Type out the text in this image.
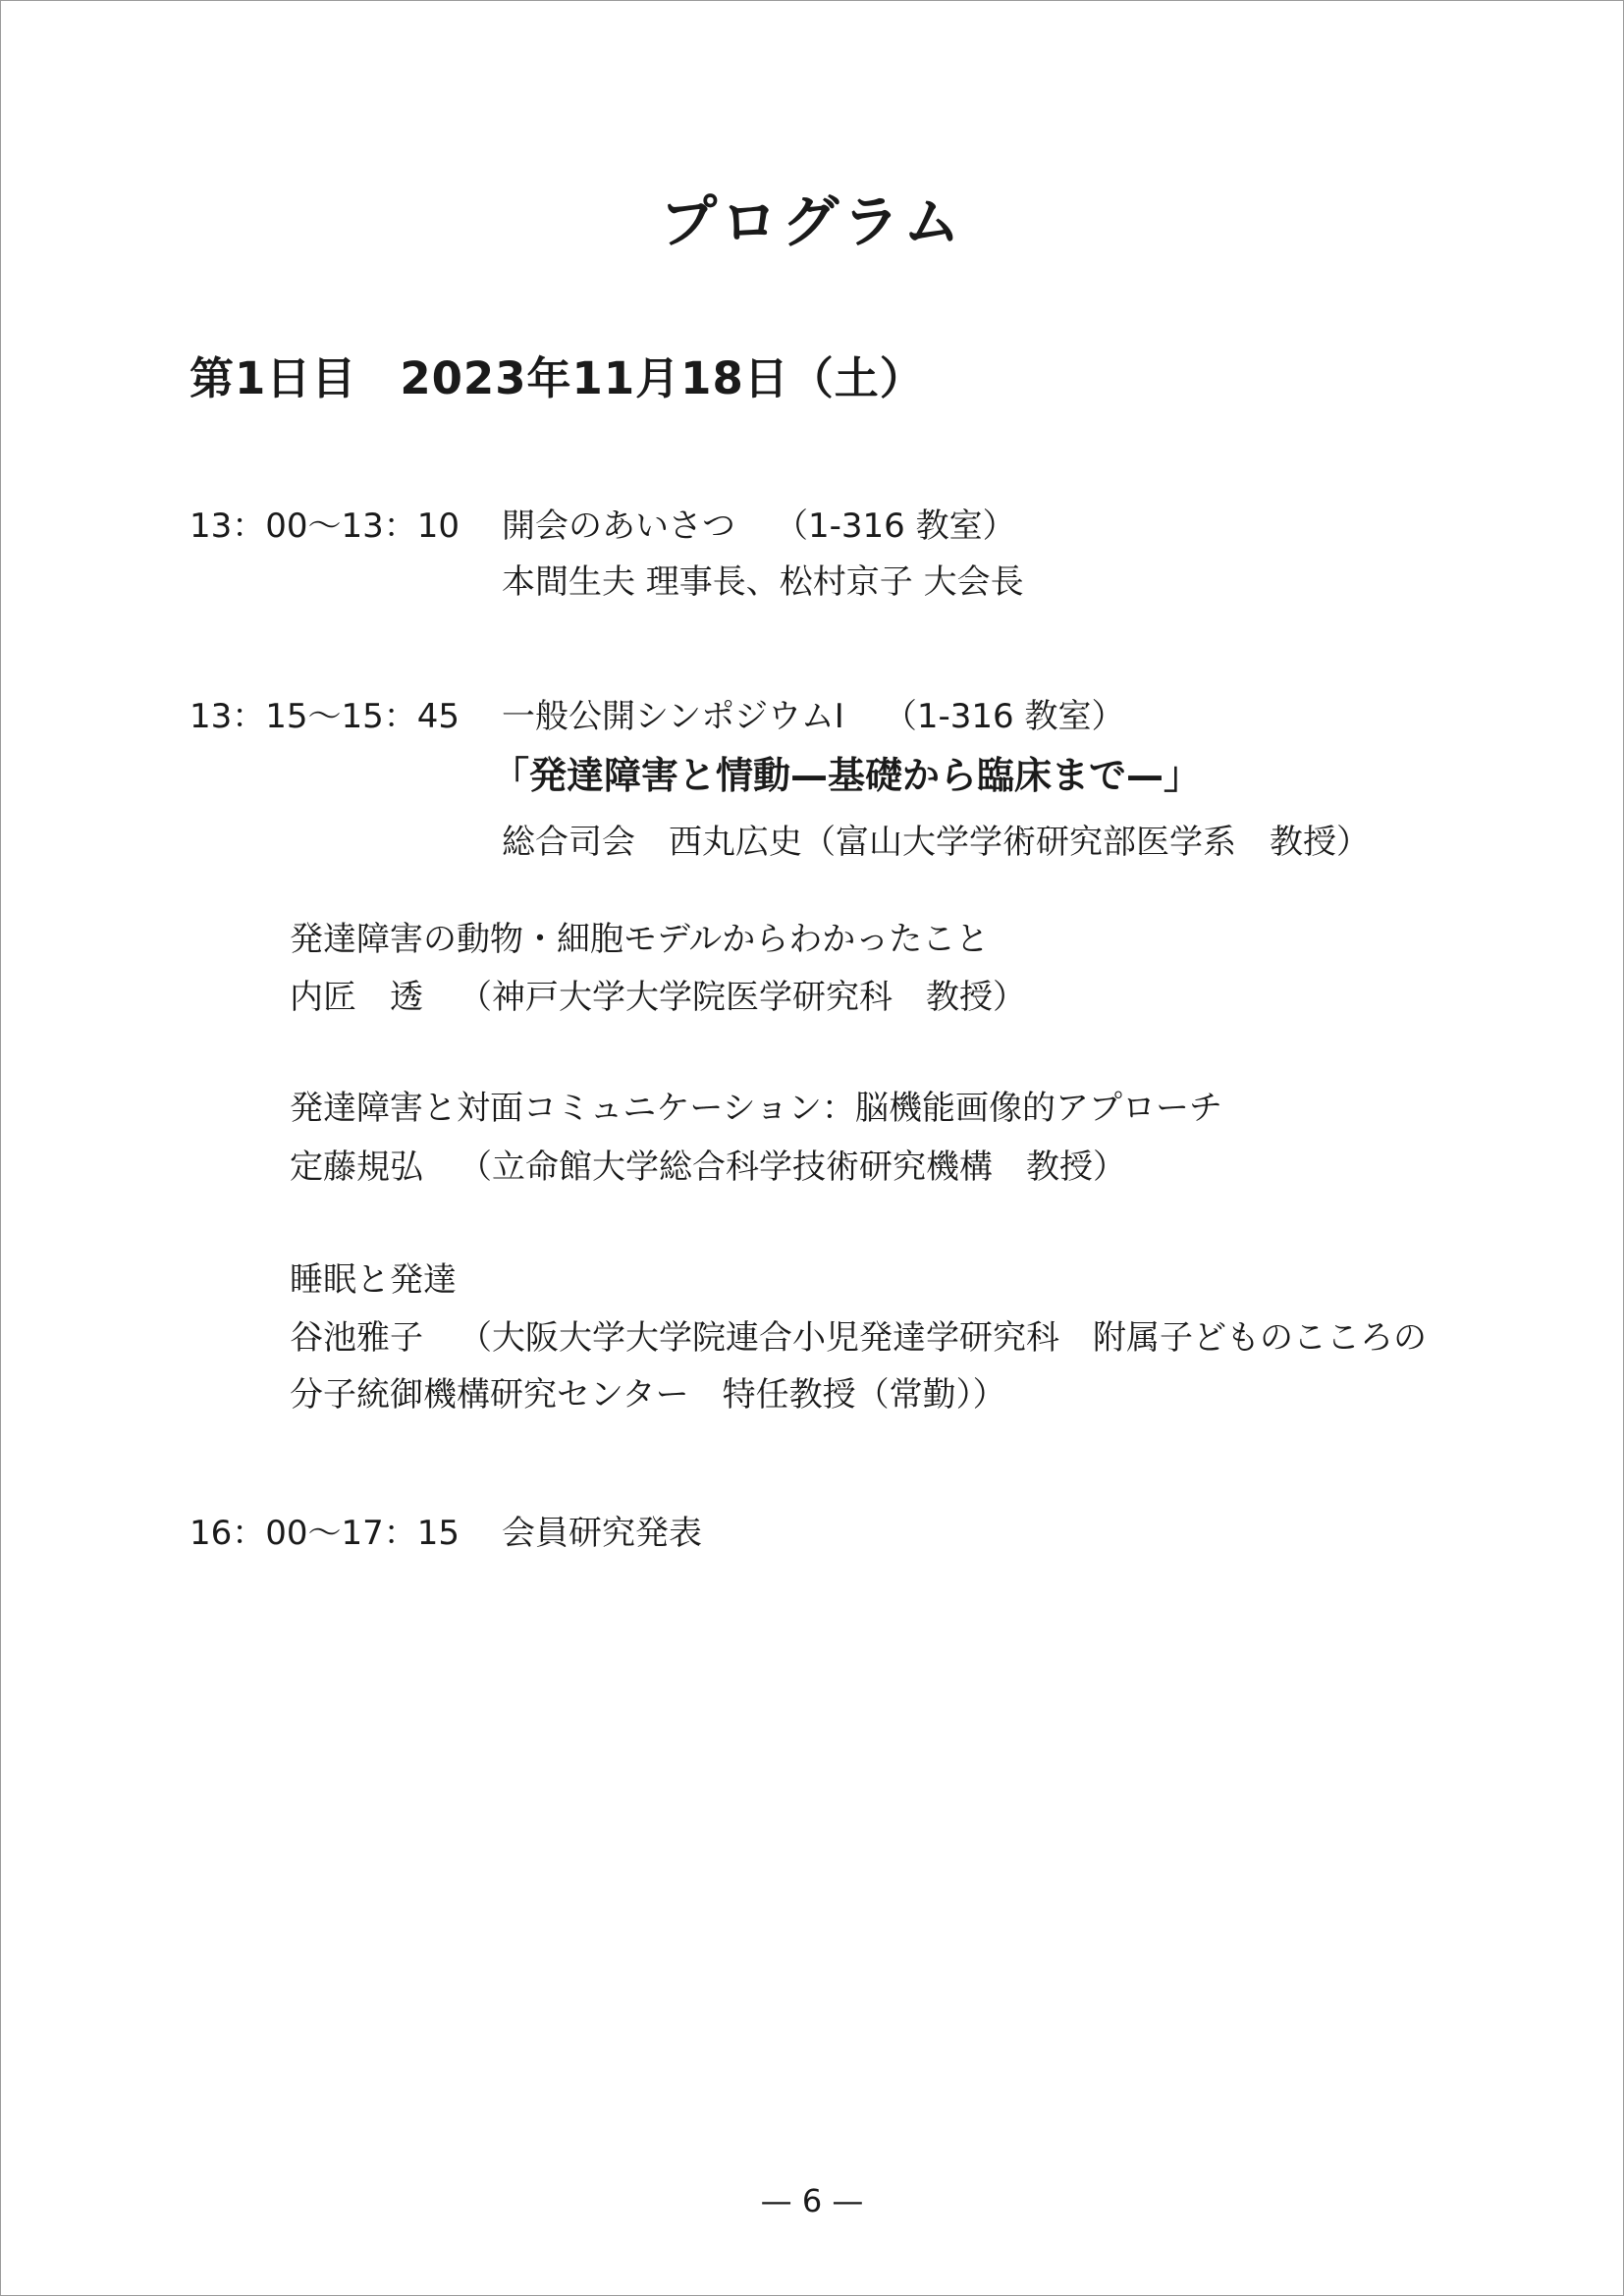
プログラム
第1日目 2023年11月18日（土）
13：00〜13：10 開会のあいさつ （1-316 教室）
本間生夫 理事長、松村京子 大会長
13：15〜15：45 一般公開シンポジウムⅠ （1-316 教室）
「発達障害と情動—基礎から臨床まで—」
総合司会　西丸広史（富山大学学術研究部医学系　教授）
発達障害の動物・細胞モデルからわかったこと
内匠　透 （神戸大学大学院医学研究科　教授）
発達障害と対面コミュニケーション：脳機能画像的アプローチ
定藤規弘 （立命館大学総合科学技術研究機構　教授）
睡眠と発達
谷池雅子 （大阪大学大学院連合小児発達学研究科　附属子どものこころの
分子統御機構研究センター　特任教授（常勤））
16：00〜17：15 会員研究発表
— 6 —
